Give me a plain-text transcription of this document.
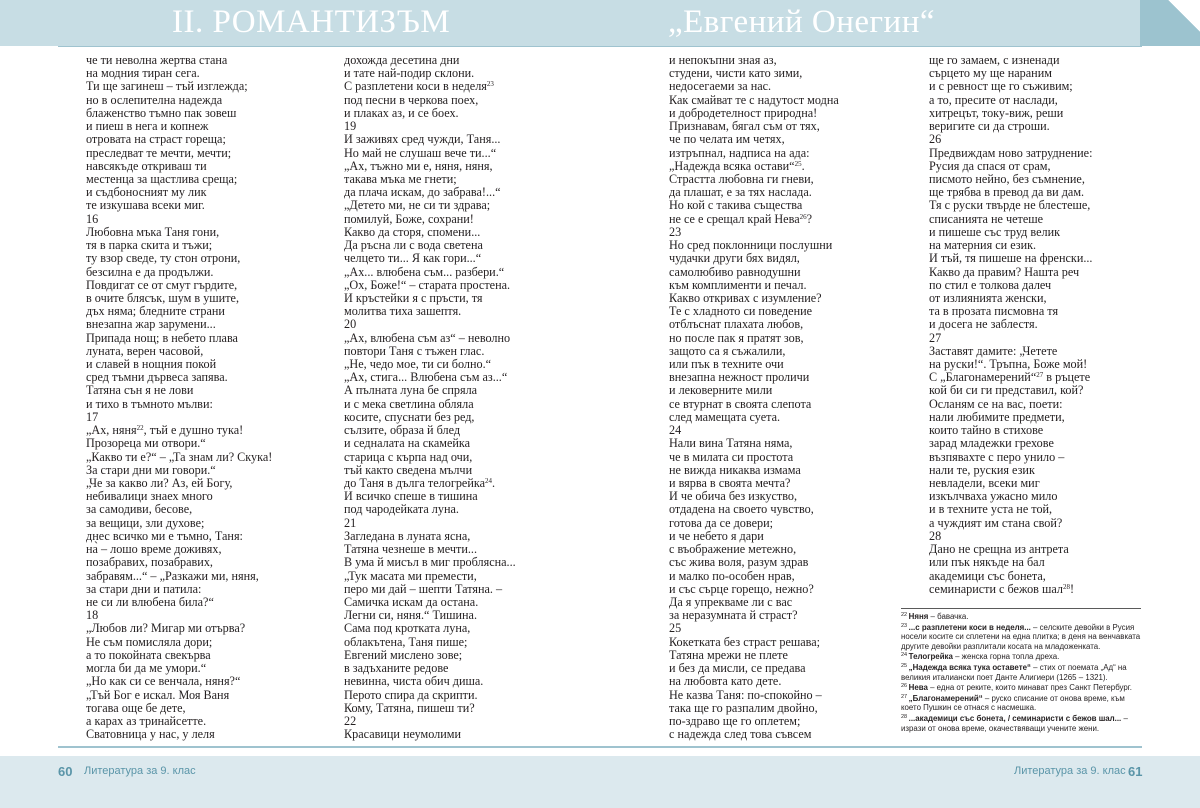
II. РОМАНТИЗЪМ	„Евгений Онегин“
че ти неволна жертва стана
на модния тиран сега.
Ти ще загинеш – тъй изглежда;
но в ослепителна надежда
блаженство тъмно пак зовеш
и пиеш в нега и копнеж
отровата на страст гореща;
преследват те мечти, мечти;
навсякъде откриваш ти
местенца за щастлива среща;
и съдбоносният му лик
те изкушава всеки миг.
16
Любовна мъка Таня гони,
тя в парка скита и тъжи;
ту взор сведе, ту стон отрони,
безсилна е да продължи.
Повдигат се от смут гърдите,
в очите блясък, шум в ушите,
дъх няма; бледните страни
внезапна жар зарумени...
Припада нощ; в небето плава
луната, верен часовой,
и славей в нощния покой
сред тъмни дървеса запява.
Татяна сън я не лови
и тихо в тъмното мълви:
17
„Ах, няня$^{22}$, тъй е душно тука!
Прозореца ми отвори.“
„Какво ти е?“ – „Та знам ли? Скука!
За стари дни ми говори.“
„Че за какво ли? Аз, ей Богу,
небивалици знаех много
за самодиви, бесове,
за вещици, зли духове;
днес всичко ми е тъмно, Таня:
на̀ – лошо време доживях,
позабравих, позабравих,
забравям...“ – „Разкажи ми, няня,
за стари дни и патила:
не си ли влюбена била?“
18
„Любов ли? Мигар ми отърва?
Не съм помисляла дори;
а то покойната свекърва
могла би да ме умори.“
„Но как си се венчала, няня?“
„Тъй Бог е искал. Моя Ваня
тогава още бе дете,
а карах аз тринайсетте.
Сватовница у нас, у леля
дохожда десетина дни
и тате най-подир склони.
С разплетени коси в неделя$^{23}$
под песни в черкова поех,
и плаках аз, и се боех.
19
И заживях сред чужди, Таня...
Но май не слушаш вече ти...“
„Ах, тъжно ми е, няня, няня,
такава мъка ме гнети;
да плача искам, до забрава!...“
„Детето ми, не си ти здрава;
помилуй, Боже, сохрани!
Какво да сторя, спомени...
Да ръсна ли с вода светена
челцето ти... Я как гори...“
„Ах... влюбена съм... разбери.“
„Ох, Боже!“ – старата простена.
И кръстейки я с пръсти, тя
молитва тиха зашептя.
20
„Ах, влюбена съм аз“ – неволно
повтори Таня с тъжен глас.
„Не, чедо мое, ти си болно.“
„Ах, стига... Влюбена съм аз...“
А пълната луна бе спряла
и с мека светлина обляла
косите, спуснати без ред,
сълзите, образа й блед
и седналата на скамейка
старица с кърпа над очи,
тъй както сведена мълчи
до Таня в дълга телогрейка$^{24}$.
И всичко спеше в тишина
под чародейката луна.
21
Загледана в луната ясна,
Татяна чезнеше в мечти...
В ума й мисъл в миг проблясна...
„Тук масата ми премести,
перо ми дай – шепти Татяна. –
Самичка искам да остана.
Легни си, няня.“ Тишина.
Сама под кротката луна,
облакътена, Таня пише;
Евгений мислено зове;
в задъханите редове
невинна, чиста обич диша.
Перото спира да скрипти.
Кому, Татяна, пишеш ти?
22
Красавици неумолими
и непокъпни зная аз,
студени, чисти като зими,
недосегаеми за нас.
Как смайват те с надутост модна
и добродетелност природна!
Признавам, бягал съм от тях,
че по челата им четях,
изтръпнал, надписа на ада:
„Надежда всяка остави“$^{25}$.
Страстта любовна ги гневи,
да плашат, е за тях наслада.
Но кой с такива същества
не се е срещал край Нева$^{26}$?
23
Но сред поклонници послушни
чудачки други бях видял,
самолюбиво равнодушни
към комплименти и печал.
Какво откривах с изумление?
Те с хладното си поведение
отблъснат плахата любов,
но после пак я пратят зов,
защото са я съжалили,
или пък в техните очи
внезапна нежност проличи
и лековерните мили
се втурнат в своята слепота
след мамещата суета.
24
Нали вина Татяна няма,
че в милата си простота
не вижда никаква измама
и вярва в своята мечта?
И че обича без изкуство,
отдадена на своето чувство,
готова да се довери;
и че небето я дари
с въображение метежно,
със жива воля, разум здрав
и малко по-особен нрав,
и със сърце горещо, нежно?
Да я упрекваме ли с вас
за неразумната й страст?
25
Кокетката без страст решава;
Татяна мрежи не плете
и без да мисли, се предава
на любовта като дете.
Не казва Таня: по-спокойно –
така ще го разпалим двойно,
по-здраво ще го оплетем;
с надежда след това съвсем
ще го замаем, с изненади
сърцето му ще нараним
и с ревност ще го съживим;
а то, пресите от наслади,
хитрецът, току-виж, реши
веригите си да строши.
26
Предвиждам ново затруднение:
Русия да спася от срам,
писмото нейно, без съмнение,
ще трябва в превод да ви дам.
Тя с руски твърде не блестеше,
списанията не четеше
и пишеше със труд велик
на матерния си език.
И тъй, тя пишеше на френски...
Какво да правим? Нашта реч
по стил е толкова далеч
от излиянията женски,
та в прозата писмовна тя
и досега не заблестя.
27
Заставят дамите: „Четете
на руски!“. Тръпна, Боже мой!
С „Благонамерений“$^{27}$ в ръцете
кой би си ги представил, кой?
Осланям се на вас, поети:
нали любимите предмети,
които тайно в стихове
зарад младежки грехове
възпявахте с перо унило –
нали те, руския език
невладели, всеки миг
изкълчваха ужасно мило
и в техните уста не той,
а чуждият им стана свой?
28
Дано не срещна из антрета
или пък някъде на бал
академици със бонета,
семинаристи с бежов шал$^{28}$!
$^{22}$ Няня – бавачка.
$^{23}$ ...с разплетени коси в неделя... – селските девойки в Русия носели косите си сплетени на една плитка; в деня на венчавката другите девойки разплитали косата на младоженката.
$^{24}$ Телогрейка – женска горна топла дреха.
$^{25}$ „Надежда всяка тука оставете“ – стих от поемата „Ад“ на великия италиански поет Данте Алигиери (1265 – 1321).
$^{26}$ Нева – една от реките, които минават през Санкт Петербург.
$^{27}$ „Благонамерений“ – руско списание от онова време, към което Пушкин се отнася с насмешка.
$^{28}$ ...академици със бонета, / семинаристи с бежов шал... – изрази от онова време, окачествяващи учените жени.
60 Литература за 9. клас	Литература за 9. клас 61
